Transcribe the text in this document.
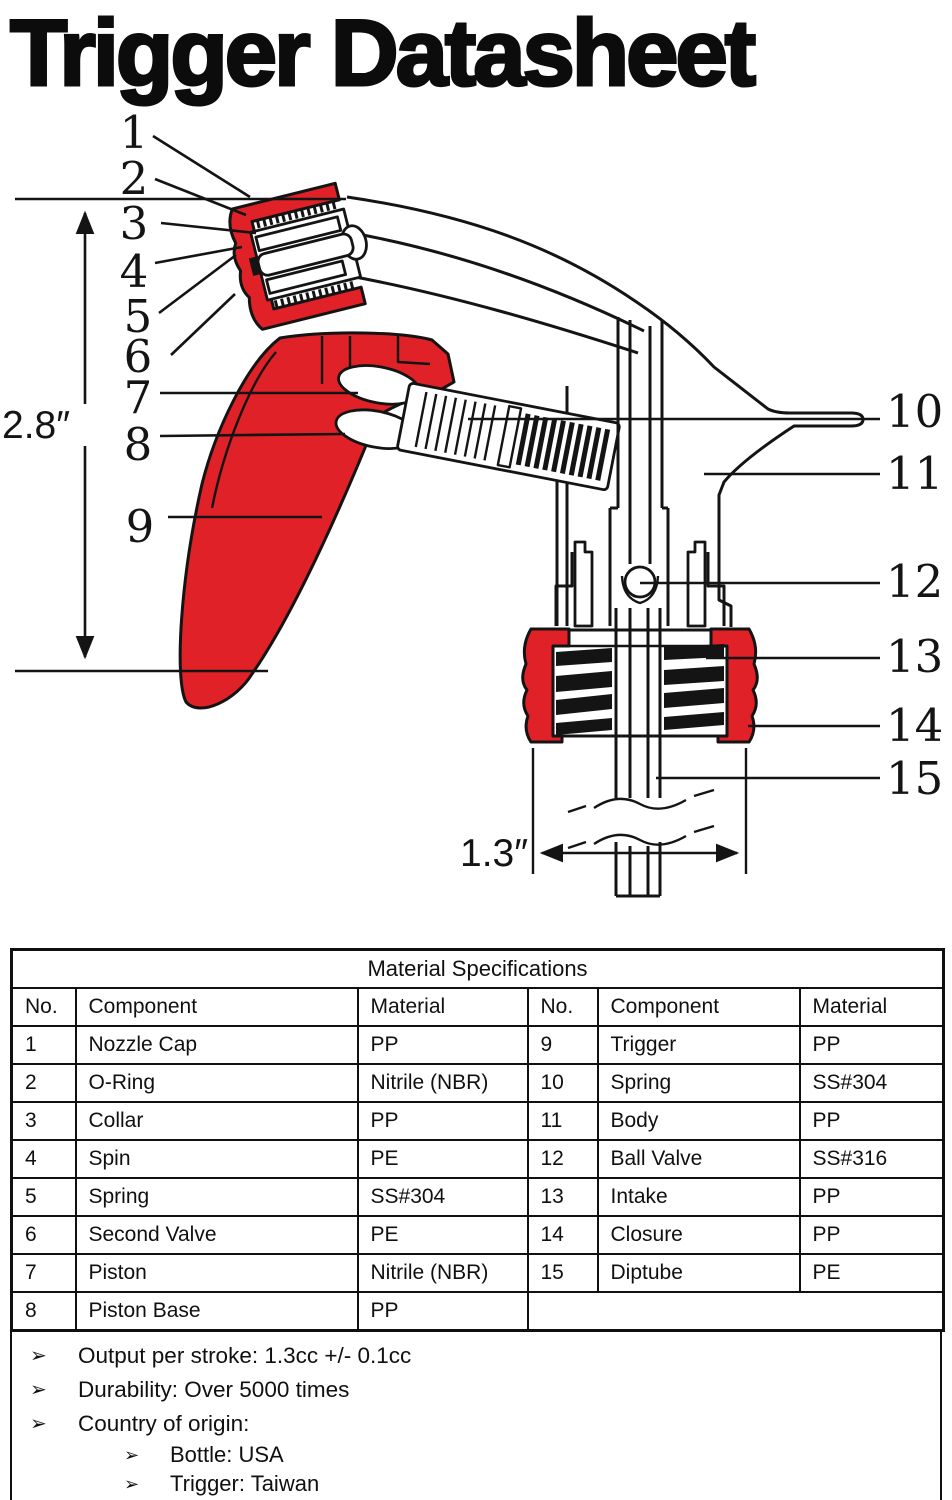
Trigger Datasheet
2.8″
1.3″
1
2
3
4
5
6
7
8
9
10
11
12
13
14
15
Material Specifications					
No.	Component	Material	No.	Component	Material
1	Nozzle Cap	PP	9	Trigger	PP
2	O-Ring	Nitrile (NBR)	10	Spring	SS#304
3	Collar	PP	11	Body	PP
4	Spin	PE	12	Ball Valve	SS#316
5	Spring	SS#304	13	Intake	PP
6	Second Valve	PE	14	Closure	PP
7	Piston	Nitrile (NBR)	15	Diptube	PE
8	Piston Base	PP			
➢	Output per stroke: 1.3cc +/- 0.1cc
➢	Durability: Over 5000 times
➢	Country of origin:
➢	Bottle: USA
➢	Trigger: Taiwan
